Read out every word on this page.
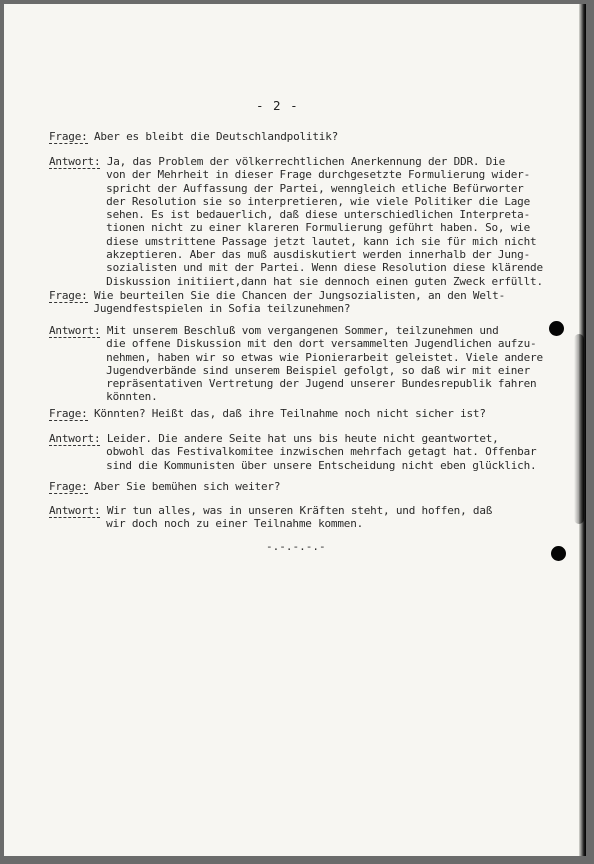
- 2 -
Frage: Aber es bleibt die Deutschlandpolitik?
Antwort: Ja, das Problem der völkerrechtlichen Anerkennung der DDR. Die
von der Mehrheit in dieser Frage durchgesetzte Formulierung wider-
spricht der Auffassung der Partei, wenngleich etliche Befürworter
der Resolution sie so interpretieren, wie viele Politiker die Lage
sehen. Es ist bedauerlich, daß diese unterschiedlichen Interpreta-
tionen nicht zu einer klareren Formulierung geführt haben. So, wie
diese umstrittene Passage jetzt lautet, kann ich sie für mich nicht
akzeptieren. Aber das muß ausdiskutiert werden innerhalb der Jung-
sozialisten und mit der Partei. Wenn diese Resolution diese klärende
Diskussion initiiert,dann hat sie dennoch einen guten Zweck erfüllt.
Frage: Wie beurteilen Sie die Chancen der Jungsozialisten, an den Welt-
Jugendfestspielen in Sofia teilzunehmen?
Antwort: Mit unserem Beschluß vom vergangenen Sommer, teilzunehmen und
die offene Diskussion mit den dort versammelten Jugendlichen aufzu-
nehmen, haben wir so etwas wie Pionierarbeit geleistet. Viele andere
Jugendverbände sind unserem Beispiel gefolgt, so daß wir mit einer
repräsentativen Vertretung der Jugend unserer Bundesrepublik fahren
könnten.
Frage: Könnten? Heißt das, daß ihre Teilnahme noch nicht sicher ist?
Antwort: Leider. Die andere Seite hat uns bis heute nicht geantwortet,
obwohl das Festivalkomitee inzwischen mehrfach getagt hat. Offenbar
sind die Kommunisten über unsere Entscheidung nicht eben glücklich.
Frage: Aber Sie bemühen sich weiter?
Antwort: Wir tun alles, was in unseren Kräften steht, und hoffen, daß
wir doch noch zu einer Teilnahme kommen.
-.-.-.-.-
